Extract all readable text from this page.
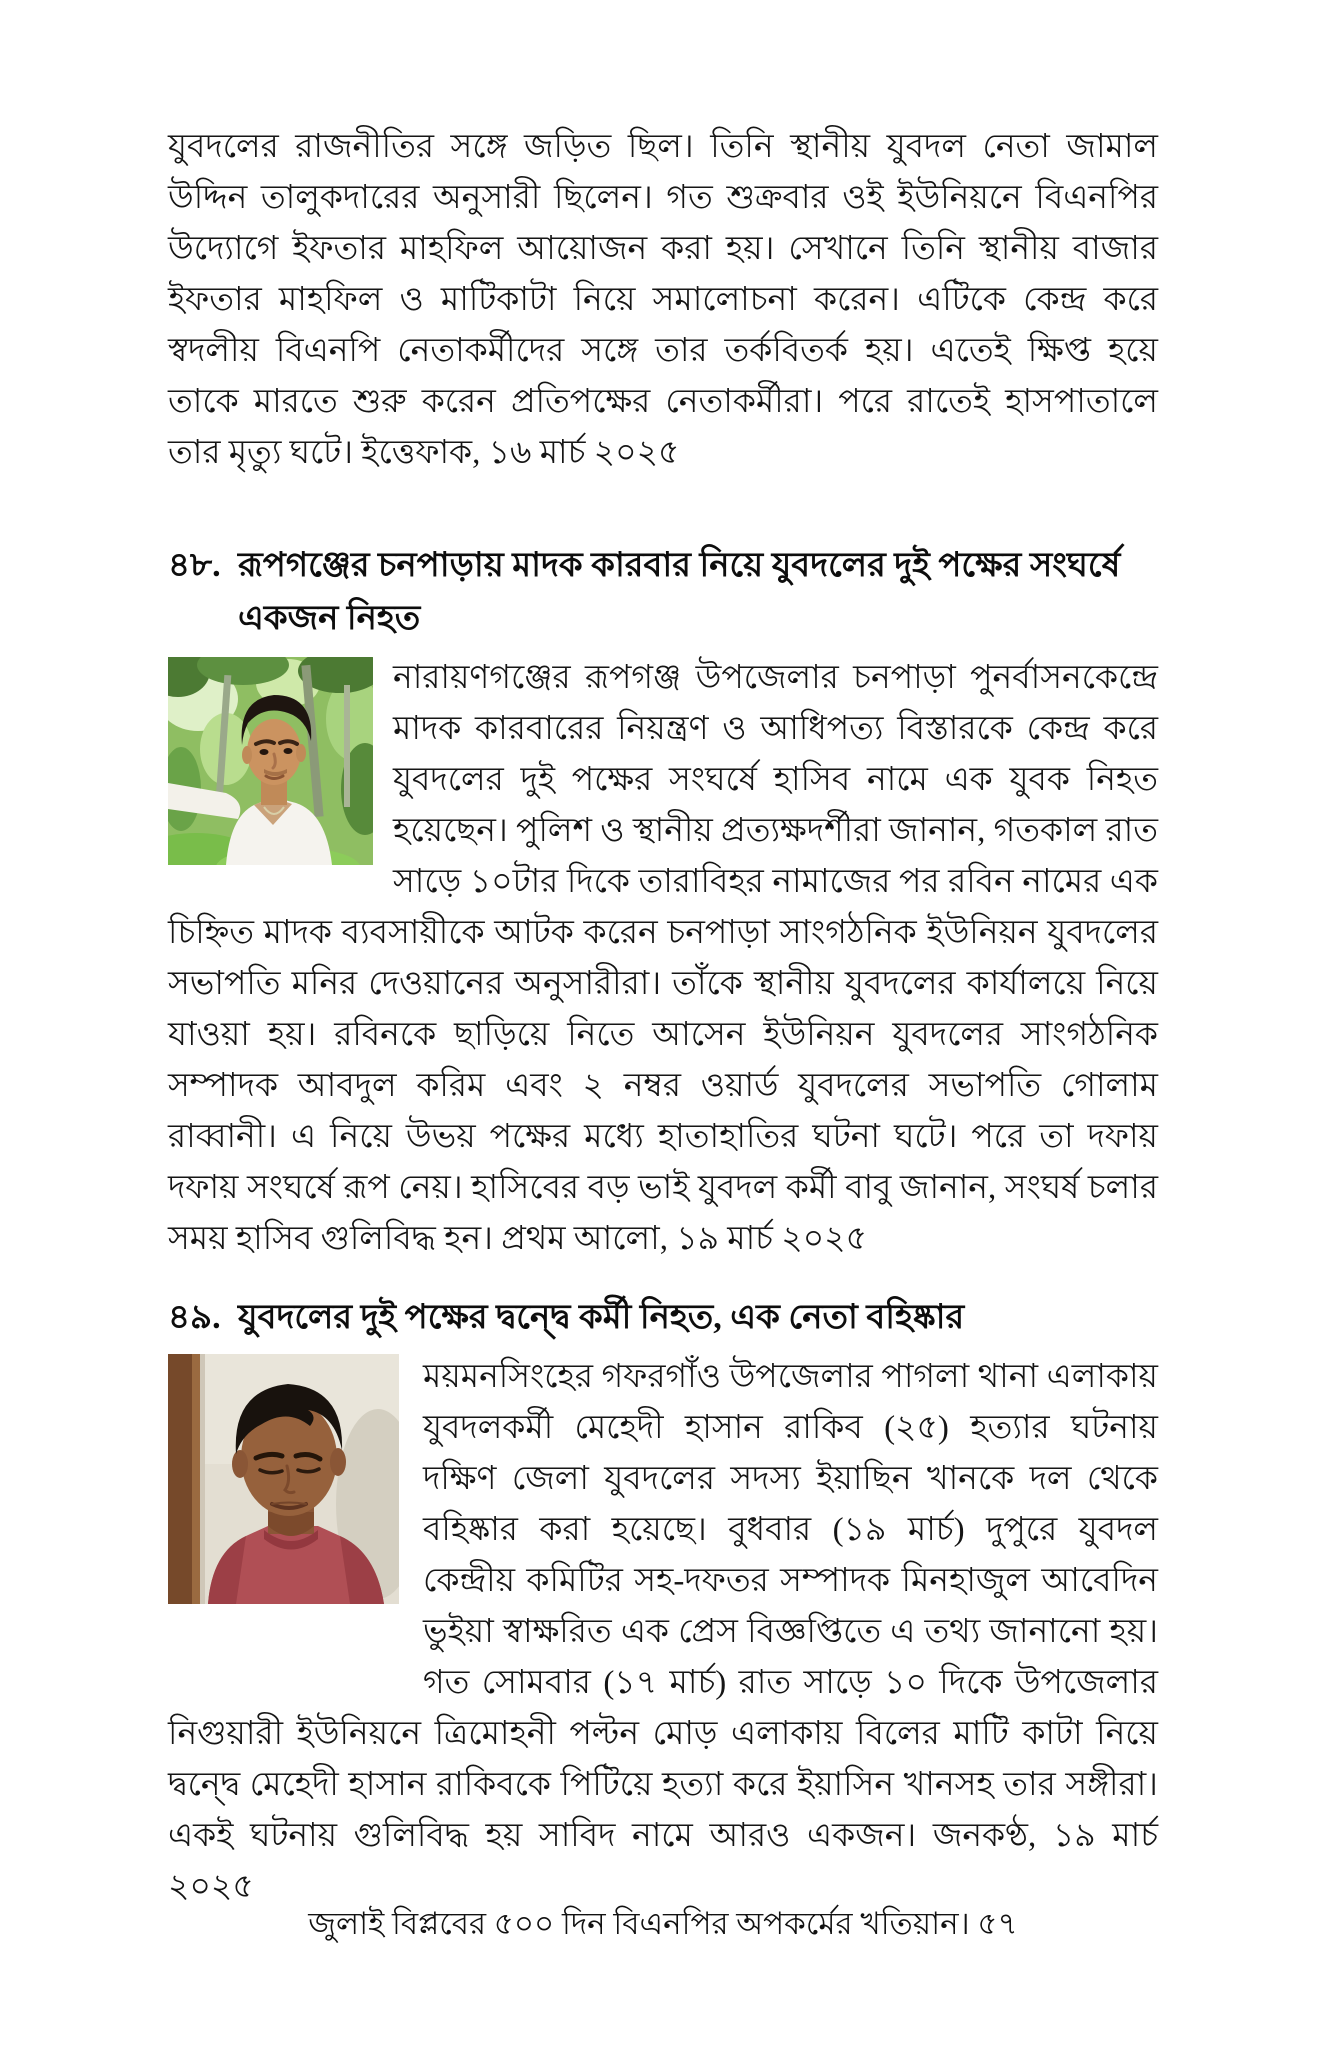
যুবদলের রাজনীতির সঙ্গে জড়িত ছিল। তিনি স্থানীয় যুবদল নেতা জামাল উদ্দিন তালুকদারের অনুসারী ছিলেন। গত শুক্রবার ওই ইউনিয়নে বিএনপির উদ্যোগে ইফতার মাহফিল আয়োজন করা হয়। সেখানে তিনি স্থানীয় বাজার ইফতার মাহফিল ও মাটিকাটা নিয়ে সমালোচনা করেন। এটিকে কেন্দ্র করে স্বদলীয় বিএনপি নেতাকর্মীদের সঙ্গে তার তর্কবিতর্ক হয়। এতেই ক্ষিপ্ত হয়ে তাকে মারতে শুরু করেন প্রতিপক্ষের নেতাকর্মীরা। পরে রাতেই হাসপাতালে তার মৃত্যু ঘটে। ইত্তেফাক, ১৬ মার্চ ২০২৫

৪৮. রূপগঞ্জের চনপাড়ায় মাদক কারবার নিয়ে যুবদলের দুই পক্ষের সংঘর্ষে একজন নিহত

নারায়ণগঞ্জের রূপগঞ্জ উপজেলার চনপাড়া পুনর্বাসনকেন্দ্রে মাদক কারবারের নিয়ন্ত্রণ ও আধিপত্য বিস্তারকে কেন্দ্র করে যুবদলের দুই পক্ষের সংঘর্ষে হাসিব নামে এক যুবক নিহত হয়েছেন। পুলিশ ও স্থানীয় প্রত্যক্ষদর্শীরা জানান, গতকাল রাত সাড়ে ১০টার দিকে তারাবিহর নামাজের পর রবিন নামের এক চিহ্নিত মাদক ব্যবসায়ীকে আটক করেন চনপাড়া সাংগঠনিক ইউনিয়ন যুবদলের সভাপতি মনির দেওয়ানের অনুসারীরা। তাঁকে স্থানীয় যুবদলের কার্যালয়ে নিয়ে যাওয়া হয়। রবিনকে ছাড়িয়ে নিতে আসেন ইউনিয়ন যুবদলের সাংগঠনিক সম্পাদক আবদুল করিম এবং ২ নম্বর ওয়ার্ড যুবদলের সভাপতি গোলাম রাব্বানী। এ নিয়ে উভয় পক্ষের মধ্যে হাতাহাতির ঘটনা ঘটে। পরে তা দফায় দফায় সংঘর্ষে রূপ নেয়। হাসিবের বড় ভাই যুবদল কর্মী বাবু জানান, সংঘর্ষ চলার সময় হাসিব গুলিবিদ্ধ হন। প্রথম আলো, ১৯ মার্চ ২০২৫

৪৯. যুবদলের দুই পক্ষের দ্বন্দ্বে কর্মী নিহত, এক নেতা বহিষ্কার

ময়মনসিংহের গফরগাঁও উপজেলার পাগলা থানা এলাকায় যুবদলকর্মী মেহেদী হাসান রাকিব (২৫) হত্যার ঘটনায় দক্ষিণ জেলা যুবদলের সদস্য ইয়াছিন খানকে দল থেকে বহিষ্কার করা হয়েছে। বুধবার (১৯ মার্চ) দুপুরে যুবদল কেন্দ্রীয় কমিটির সহ-দফতর সম্পাদক মিনহাজুল আবেদিন ভুইয়া স্বাক্ষরিত এক প্রেস বিজ্ঞপ্তিতে এ তথ্য জানানো হয়। গত সোমবার (১৭ মার্চ) রাত সাড়ে ১০ দিকে উপজেলার নিগুয়ারী ইউনিয়নে ত্রিমোহনী পল্টন মোড় এলাকায় বিলের মাটি কাটা নিয়ে দ্বন্দ্বে মেহেদী হাসান রাকিবকে পিটিয়ে হত্যা করে ইয়াসিন খানসহ তার সঙ্গীরা। একই ঘটনায় গুলিবিদ্ধ হয় সাবিদ নামে আরও একজন। জনকণ্ঠ, ১৯ মার্চ ২০২৫

জুলাই বিপ্লবের ৫০০ দিন বিএনপির অপকর্মের খতিয়ান। ৫৭
